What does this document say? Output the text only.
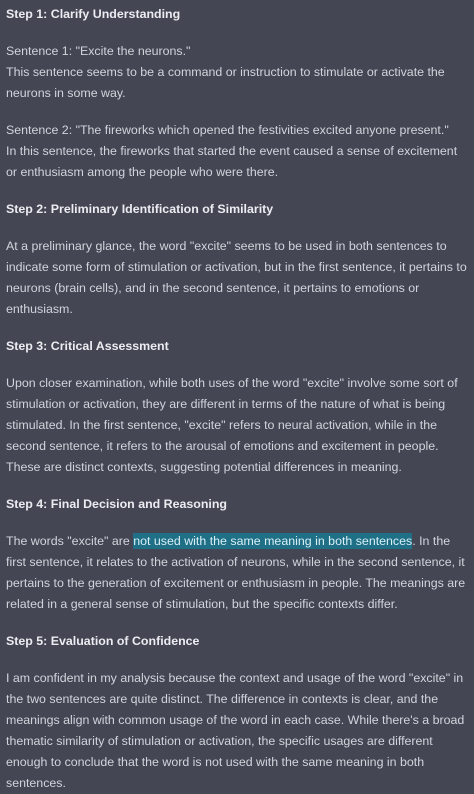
Step 1: Clarify Understanding
Sentence 1: "Excite the neurons."
This sentence seems to be a command or instruction to stimulate or activate the neurons in some way.
Sentence 2: "The fireworks which opened the festivities excited anyone present."
In this sentence, the fireworks that started the event caused a sense of excitement or enthusiasm among the people who were there.
Step 2: Preliminary Identification of Similarity
At a preliminary glance, the word "excite" seems to be used in both sentences to indicate some form of stimulation or activation, but in the first sentence, it pertains to neurons (brain cells), and in the second sentence, it pertains to emotions or enthusiasm.
Step 3: Critical Assessment
Upon closer examination, while both uses of the word "excite" involve some sort of stimulation or activation, they are different in terms of the nature of what is being stimulated. In the first sentence, "excite" refers to neural activation, while in the second sentence, it refers to the arousal of emotions and excitement in people. These are distinct contexts, suggesting potential differences in meaning.
Step 4: Final Decision and Reasoning
The words "excite" are not used with the same meaning in both sentences. In the first sentence, it relates to the activation of neurons, while in the second sentence, it pertains to the generation of excitement or enthusiasm in people. The meanings are related in a general sense of stimulation, but the specific contexts differ.
Step 5: Evaluation of Confidence
I am confident in my analysis because the context and usage of the word "excite" in the two sentences are quite distinct. The difference in contexts is clear, and the meanings align with common usage of the word in each case. While there's a broad thematic similarity of stimulation or activation, the specific usages are different enough to conclude that the word is not used with the same meaning in both sentences.
